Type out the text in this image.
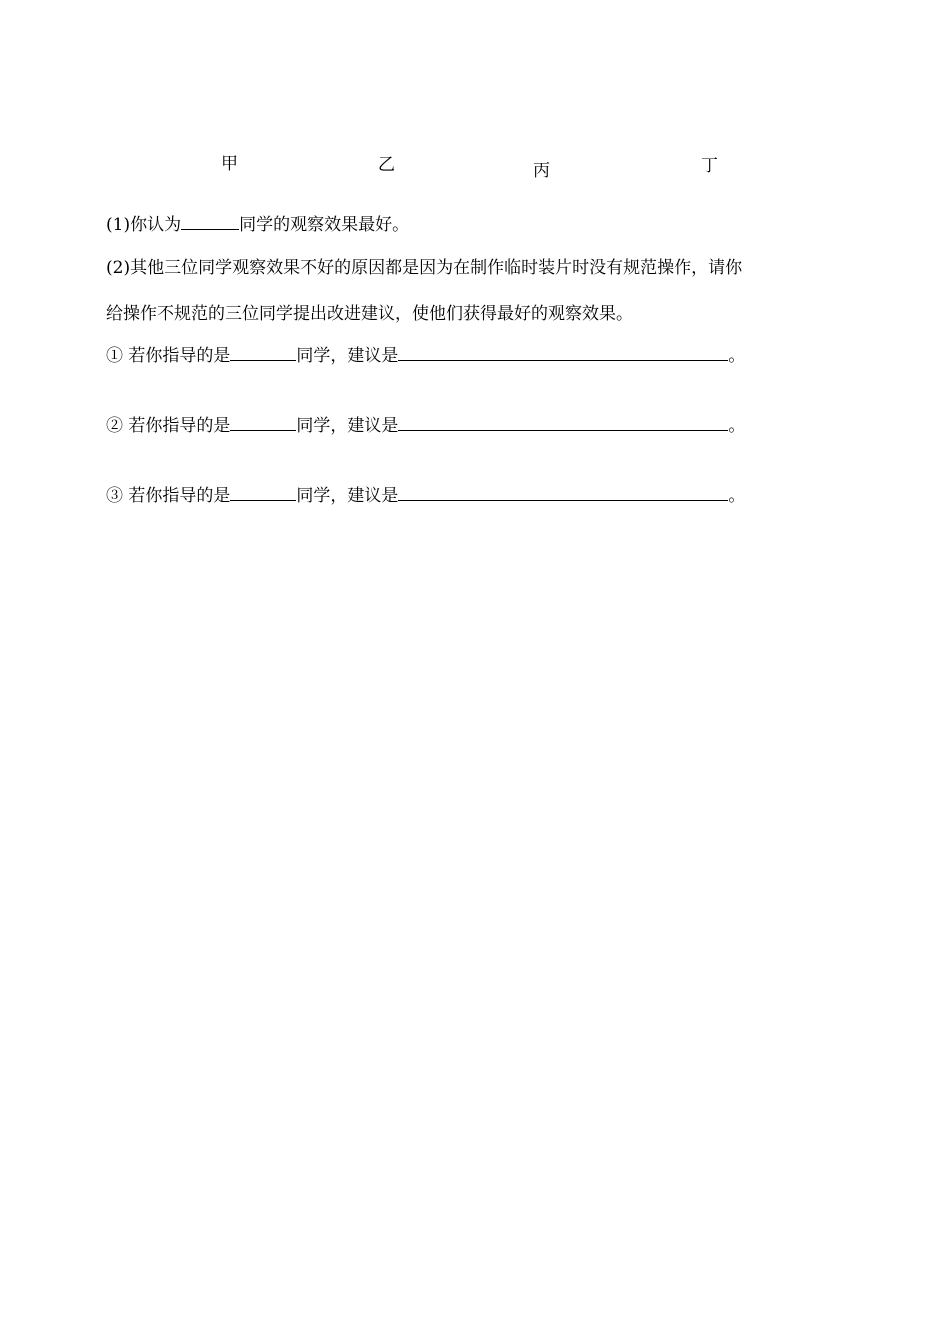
甲	乙	丙	丁
(1)你认为	同学的观察效果最好。
(2)其他三位同学观察效果不好的原因都是因为在制作临时装片时没有规范操作，请你
给操作不规范的三位同学提出改进建议，使他们获得最好的观察效果。
① 若你指导的是	同学，建议是	。
② 若你指导的是	同学，建议是	。
③ 若你指导的是	同学，建议是	。
